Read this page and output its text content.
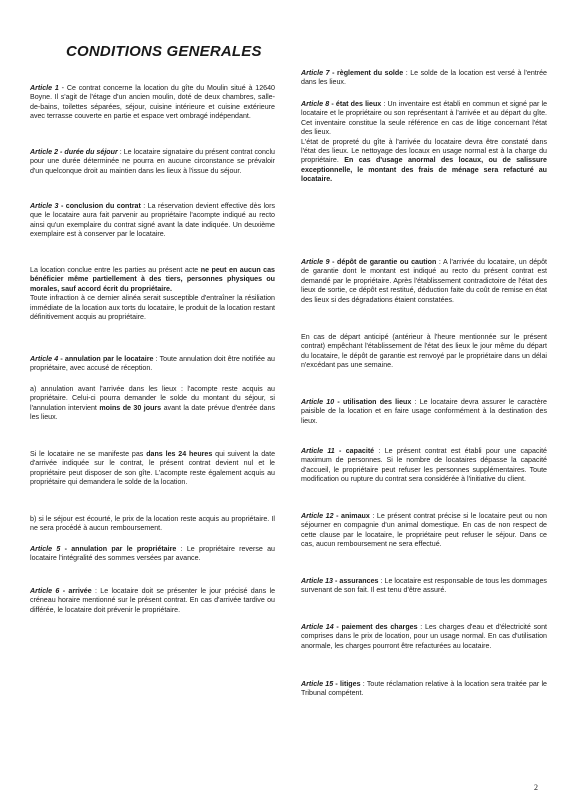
CONDITIONS GENERALES

Article 1 - Ce contrat concerne la location du gîte du Moulin situé à 12640 Boyne. Il s'agit de l'étage d'un ancien moulin, doté de deux chambres, salle-de-bains, toilettes séparées, séjour, cuisine intérieure et cuisine extérieure avec terrasse couverte en partie et espace vert ombragé indépendant.

Article 2 - durée du séjour : Le locataire signataire du présent contrat conclu pour une durée déterminée ne pourra en aucune circonstance se prévaloir d'un quelconque droit au maintien dans les lieux à l'issue du séjour.

Article 3 - conclusion du contrat : La réservation devient effective dès lors que le locataire aura fait parvenir au propriétaire l'acompte indiqué au recto ainsi qu'un exemplaire du contrat signé avant la date indiquée. Un deuxième exemplaire est à conserver par le locataire.

La location conclue entre les parties au présent acte ne peut en aucun cas bénéficier même partiellement à des tiers, personnes physiques ou morales, sauf accord écrit du propriétaire.
Toute infraction à ce dernier alinéa serait susceptible d'entraîner la résiliation immédiate de la location aux torts du locataire, le produit de la location restant définitivement acquis au propriétaire.

Article 4 - annulation par le locataire : Toute annulation doit être notifiée au propriétaire, avec accusé de réception.

a) annulation avant l'arrivée dans les lieux : l'acompte reste acquis au propriétaire. Celui-ci pourra demander le solde du montant du séjour, si l'annulation intervient moins de 30 jours avant la date prévue d'entrée dans les lieux.

Si le locataire ne se manifeste pas dans les 24 heures qui suivent la date d'arrivée indiquée sur le contrat, le présent contrat devient nul et le propriétaire peut disposer de son gîte. L'acompte reste également acquis au propriétaire qui demandera le solde de la location.

b) si le séjour est écourté, le prix de la location reste acquis au propriétaire. Il ne sera procédé à aucun remboursement.

Article 5 - annulation par le propriétaire : Le propriétaire reverse au locataire l'intégralité des sommes versées par avance.

Article 6 - arrivée : Le locataire doit se présenter le jour précisé dans le créneau horaire mentionné sur le présent contrat. En cas d'arrivée tardive ou différée, le locataire doit prévenir le propriétaire.

Article 7 - règlement du solde : Le solde de la location est versé à l'entrée dans les lieux.

Article 8 - état des lieux : Un inventaire est établi en commun et signé par le locataire et le propriétaire ou son représentant à l'arrivée et au départ du gîte. Cet inventaire constitue la seule référence en cas de litige concernant l'état des lieux.
L'état de propreté du gîte à l'arrivée du locataire devra être constaté dans l'état des lieux. Le nettoyage des locaux en usage normal est à la charge du propriétaire. En cas d'usage anormal des locaux, ou de salissure exceptionnelle, le montant des frais de ménage sera refacturé au locataire.

Article 9 - dépôt de garantie ou caution : A l'arrivée du locataire, un dépôt de garantie dont le montant est indiqué au recto du présent contrat est demandé par le propriétaire. Après l'établissement contradictoire de l'état des lieux de sortie, ce dépôt est restitué, déduction faite du coût de remise en état des lieux si des dégradations étaient constatées.

En cas de départ anticipé (antérieur à l'heure mentionnée sur le présent contrat) empêchant l'établissement de l'état des lieux le jour même du départ du locataire, le dépôt de garantie est renvoyé par le propriétaire dans un délai n'excédant pas une semaine.

Article 10 - utilisation des lieux : Le locataire devra assurer le caractère paisible de la location et en faire usage conformément à la destination des lieux.

Article 11 - capacité : Le présent contrat est établi pour une capacité maximum de personnes. Si le nombre de locataires dépasse la capacité d'accueil, le propriétaire peut refuser les personnes supplémentaires. Toute modification ou rupture du contrat sera considérée à l'initiative du client.

Article 12 - animaux : Le présent contrat précise si le locataire peut ou non séjourner en compagnie d'un animal domestique. En cas de non respect de cette clause par le locataire, le propriétaire peut refuser le séjour. Dans ce cas, aucun remboursement ne sera effectué.

Article 13 - assurances : Le locataire est responsable de tous les dommages survenant de son fait. Il est tenu d'être assuré.

Article 14 - paiement des charges : Les charges d'eau et d'électricité sont comprises dans le prix de location, pour un usage normal. En cas d'utilisation anormale, les charges pourront être refacturées au locataire.

Article 15 - litiges : Toute réclamation relative à la location sera traitée par le Tribunal compétent.

2
